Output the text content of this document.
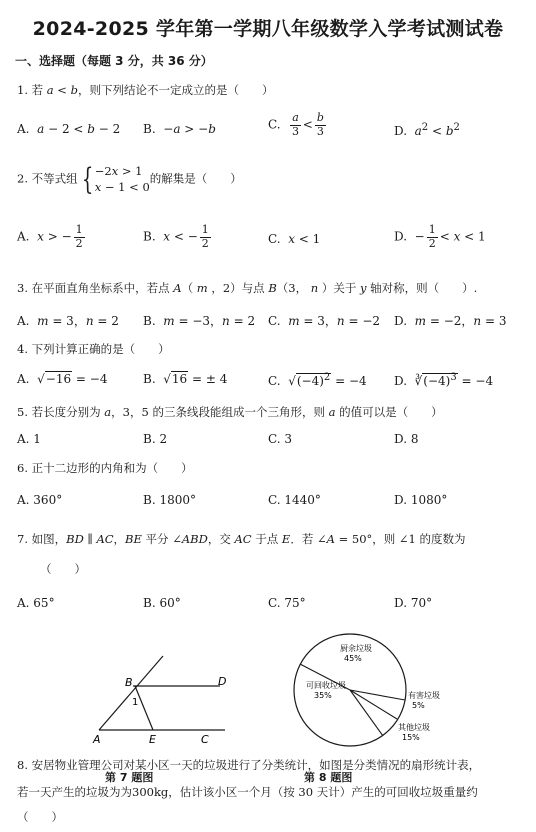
2024-2025 学年第一学期八年级数学入学考试测试卷
一、选择题（每题 3 分，共 36 分）
1. 若 a < b，则下列结论不一定成立的是（　　）
A.  a − 2 < b − 2 B.  −a > −b	C. $\frac{a}{3} < \frac{b}{3}$	D.  $a^2 < b^2$
2. 不等式组 { −2x > 1
x − 1 < 0
的解集是（　　）
A.  x > − $\frac{1}{2}$	B.  x < − $\frac{1}{2}$	C.  x < 1	D.  − $\frac{1}{2} < x < 1$
3. 在平面直角坐标系中，若点 A（ m ，2）与点 B（3， n ）关于 y 轴对称，则（　　）.
A.  m = 3，n = 2 B.  m = −3，n = 2 C.  m = 3，n = −2 D.  m = −2，n = 3
4. 下列计算正确的是（　　）
A.  √−16 = −4	B.  √16 = ± 4	C.  $√(-4)^2 = -4$ D.  $∛(-4)^3 = -4$
5. 若长度分别为 a，3，5 的三条线段能组成一个三角形，则 a 的值可以是（　　）
A. 1	B. 2	C. 3	D. 8
6. 正十二边形的内角和为（　　）
A. 360°	B. 1800°	C. 1440°	D. 1080°
7. 如图，BD ∥ AC，BE 平分 ∠ABD，交 AC 于点 E．若 ∠A = 50°，则 ∠1 的度数为
（　　）
A. 65°	B. 60°	C. 75°	D. 70°
B	D
A	E	C
1
厨余垃圾
45%
可回收垃圾
35%	有害垃圾
5%
其他垃圾
15%
8. 安居物业管理公司对某小区一天的垃圾进行了分类统计，如图是分类情况的扇形统计表，
第 7 题图	第 8 题图
若一天产生的垃圾为为300kg，估计该小区一个月（按 30 天计）产生的可回收垃圾重量约
（　　）
